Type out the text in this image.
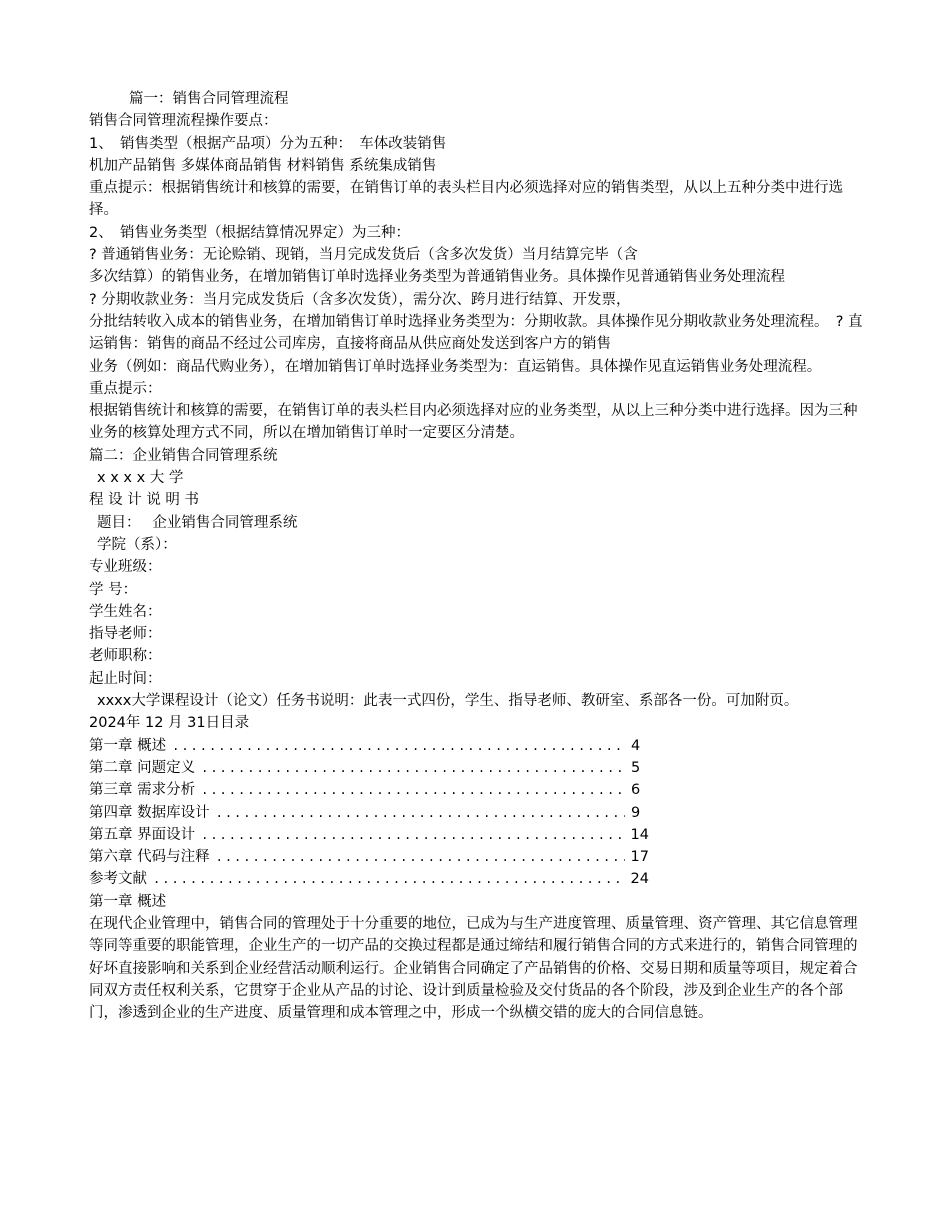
篇一：销售合同管理流程
销售合同管理流程操作要点：
1、　销售类型（根据产品项）分为五种：　车体改装销售
机加产品销售 多媒体商品销售 材料销售 系统集成销售
重点提示：根据销售统计和核算的需要，在销售订单的表头栏目内必须选择对应的销售类型，从以上五种分类中进行选择。
2、　销售业务类型（根据结算情况界定）为三种：
? 普通销售业务：无论赊销、现销，当月完成发货后（含多次发货）当月结算完毕（含
多次结算）的销售业务，在增加销售订单时选择业务类型为普通销售业务。具体操作见普通销售业务处理流程
? 分期收款业务：当月完成发货后（含多次发货），需分次、跨月进行结算、开发票，
分批结转收入成本的销售业务，在增加销售订单时选择业务类型为：分期收款。具体操作见分期收款业务处理流程。　? 直运销售：销售的商品不经过公司库房，直接将商品从供应商处发送到客户方的销售
业务（例如：商品代购业务），在增加销售订单时选择业务类型为：直运销售。具体操作见直运销售业务处理流程。
重点提示：
根据销售统计和核算的需要，在销售订单的表头栏目内必须选择对应的业务类型，从以上三种分类中进行选择。因为三种业务的核算处理方式不同，所以在增加销售订单时一定要区分清楚。
篇二：企业销售合同管理系统
x x x x 大 学
程 设 计 说 明 书
题目：　 企业销售合同管理系统
学院（系）：
专业班级：
学 号：
学生姓名：
指导老师：
老师职称：
起止时间：
xxxx大学课程设计（论文）任务书说明：此表一式四份，学生、指导老师、教研室、系部各一份。可加附页。
2024年 12 月 31日目录
第一章 概述 .....	4
第二章 问题定义 .....	5
第三章 需求分析 .....	6
第四章 数据库设计 .....	9
第五章 界面设计 .....	14
第六章 代码与注释 .....	17
参考文献 .....	24
第一章 概述
在现代企业管理中，销售合同的管理处于十分重要的地位，已成为与生产进度管理、质量管理、资产管理、其它信息管理等同等重要的职能管理，企业生产的一切产品的交换过程都是通过缔结和履行销售合同的方式来进行的，销售合同管理的好坏直接影响和关系到企业经营活动顺利运行。企业销售合同确定了产品销售的价格、交易日期和质量等项目，规定着合同双方责任权利关系，它贯穿于企业从产品的讨论、设计到质量检验及交付货品的各个阶段，涉及到企业生产的各个部门，渗透到企业的生产进度、质量管理和成本管理之中，形成一个纵横交错的庞大的合同信息链。
